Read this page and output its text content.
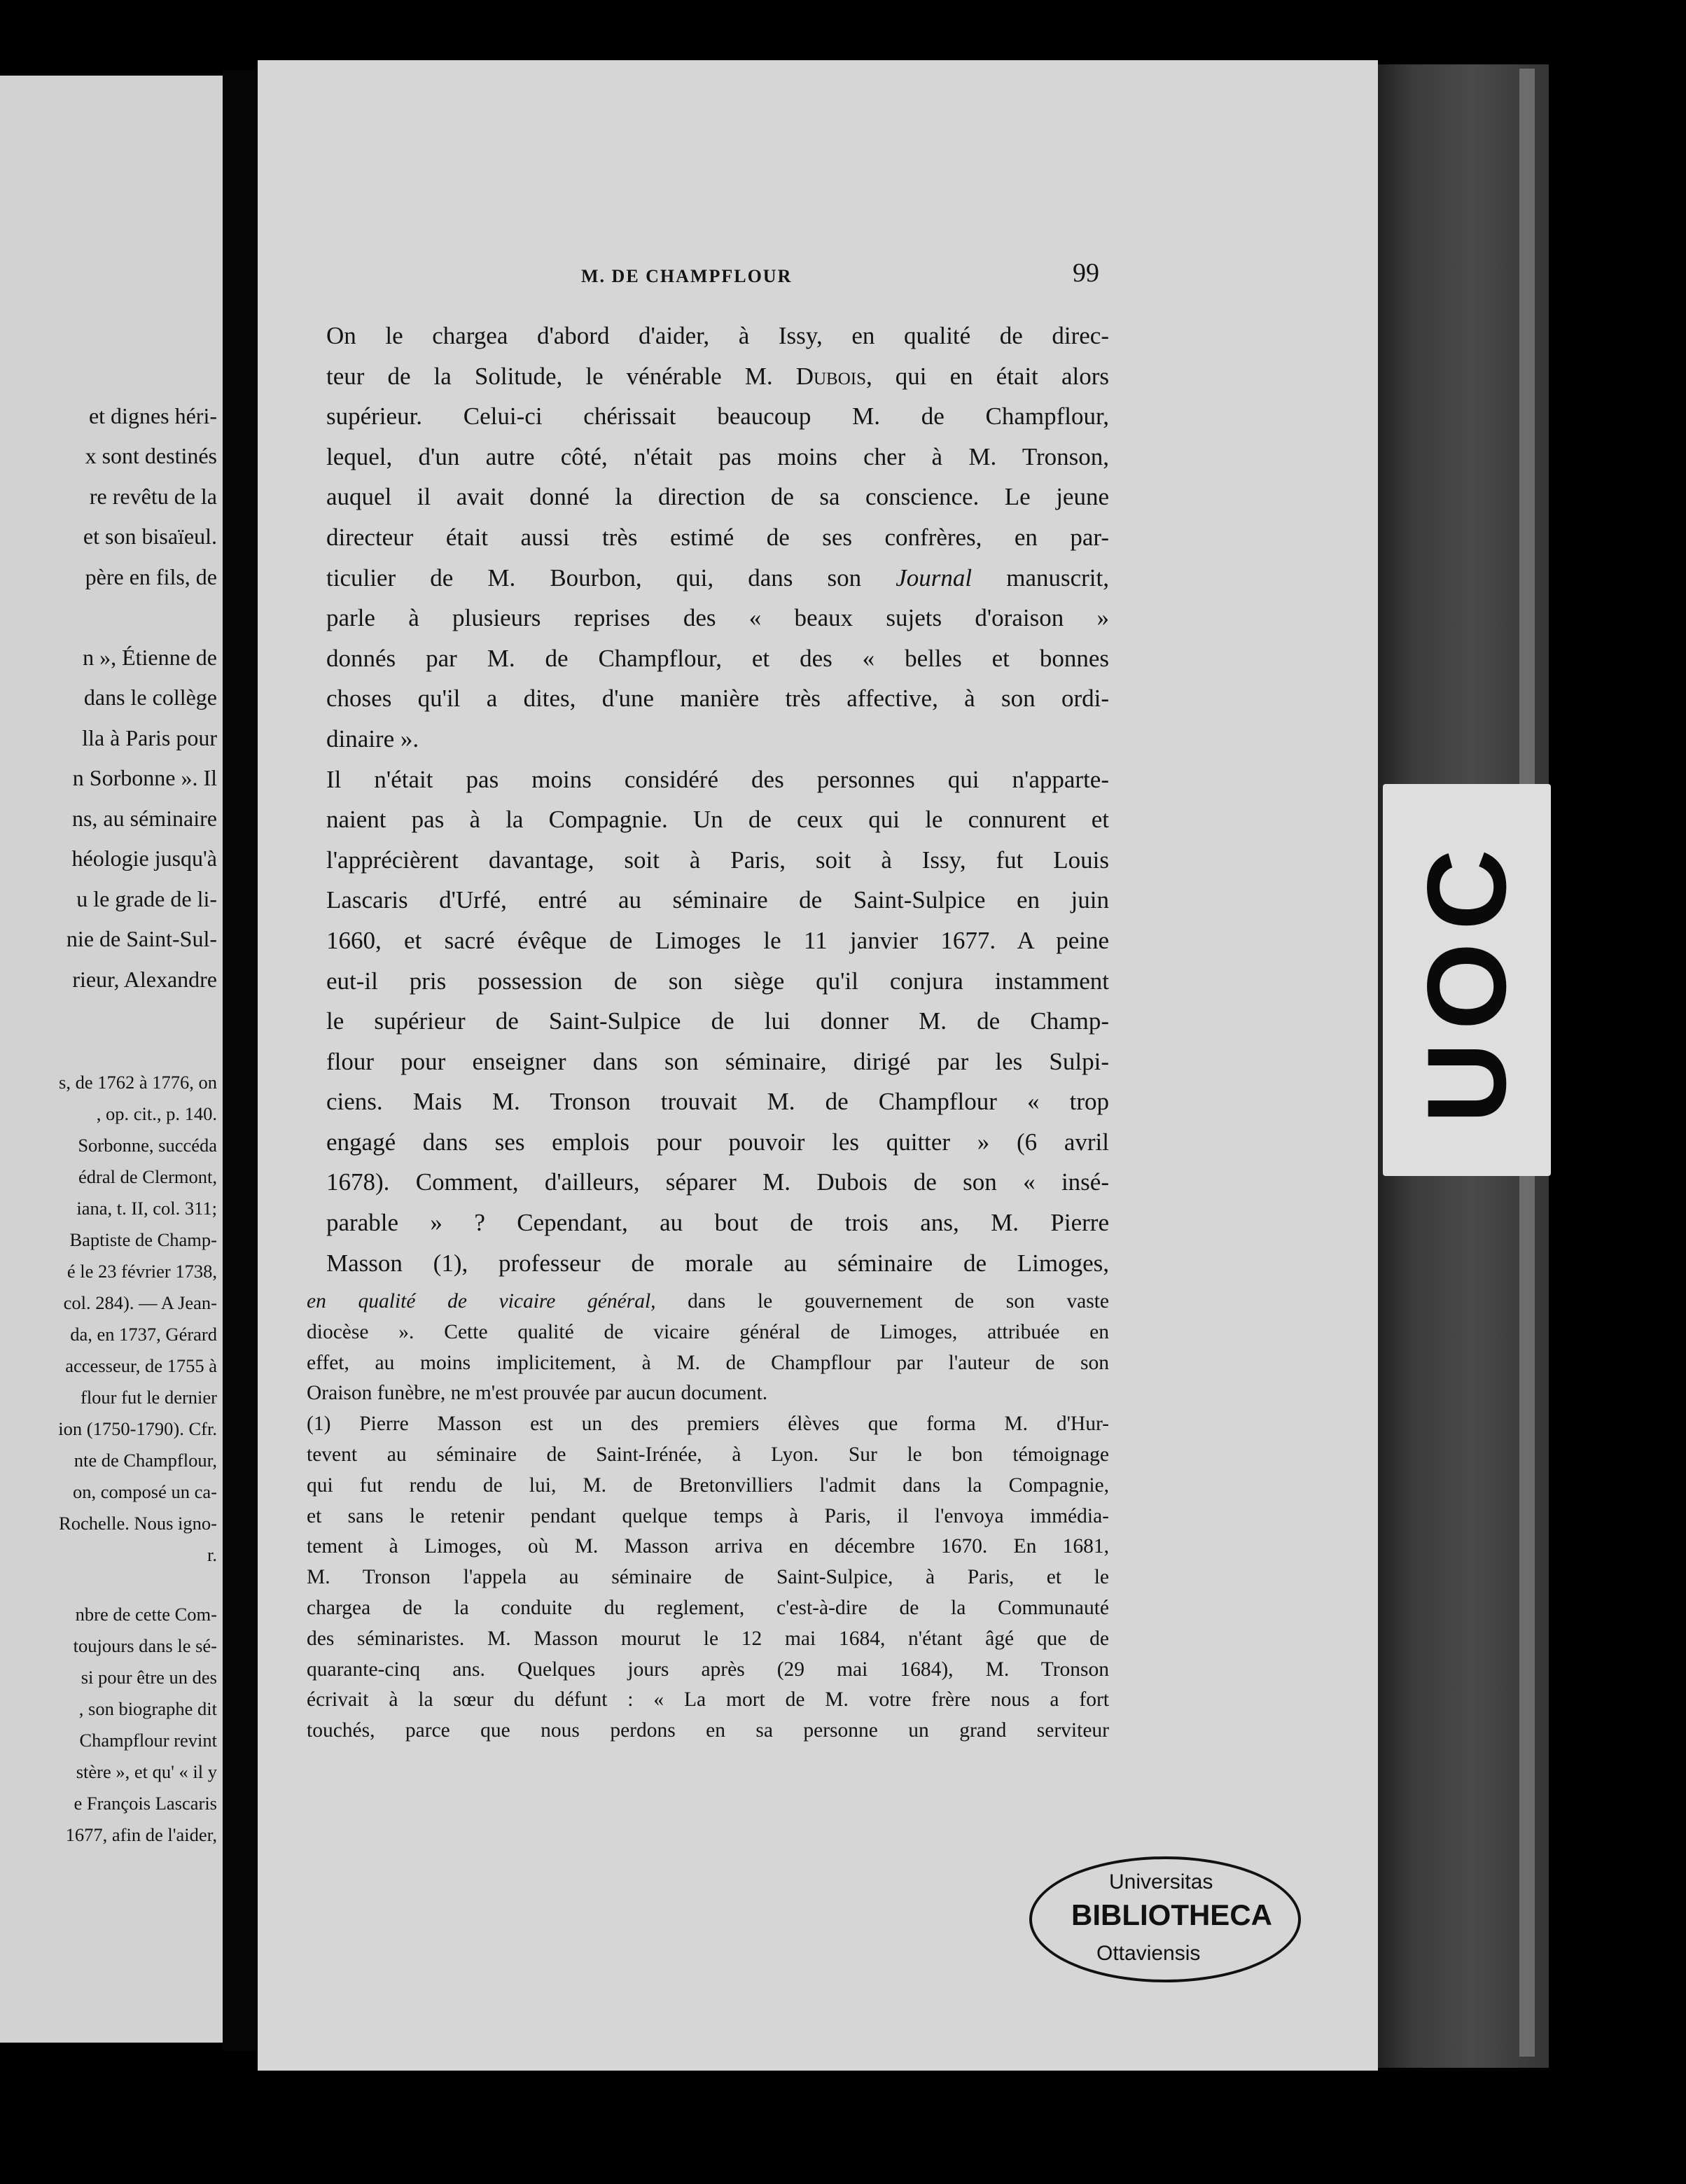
et dignes héri-
x sont destinés
re revêtu de la
et son bisaïeul.
père en fils, de
n », Étienne de
dans le collège
lla à Paris pour
n Sorbonne ». Il
ns, au séminaire
héologie jusqu'à
u le grade de li-
nie de Saint-Sul-
rieur, Alexandre
s, de 1762 à 1776, on
, op. cit., p. 140.
Sorbonne, succéda
édral de Clermont,
iana, t. II, col. 311;
Baptiste de Champ-
é le 23 février 1738,
col. 284). — A Jean-
da, en 1737, Gérard
accesseur, de 1755 à
flour fut le dernier
ion (1750-1790). Cfr.
nte de Champflour,
on, composé un ca-
Rochelle. Nous igno-
r.
nbre de cette Com-
toujours dans le sé-
si pour être un des
, son biographe dit
Champflour revint
stère », et qu' « il y
e François Lascaris
1677, afin de l'aider,
UOC
M. DE CHAMPFLOUR	99

On le chargea d'abord d'aider, à Issy, en qualité de direc-

teur de la Solitude, le vénérable M. Dubois, qui en était alors

supérieur. Celui-ci chérissait beaucoup M. de Champflour,

lequel, d'un autre côté, n'était pas moins cher à M. Tronson,

auquel il avait donné la direction de sa conscience. Le jeune

directeur était aussi très estimé de ses confrères, en par-

ticulier de M. Bourbon, qui, dans son Journal manuscrit,

parle à plusieurs reprises des « beaux sujets d'oraison »

donnés par M. de Champflour, et des « belles et bonnes

choses qu'il a dites, d'une manière très affective, à son ordi-

dinaire ».

Il n'était pas moins considéré des personnes qui n'apparte-

naient pas à la Compagnie. Un de ceux qui le connurent et

l'apprécièrent davantage, soit à Paris, soit à Issy, fut Louis

Lascaris d'Urfé, entré au séminaire de Saint-Sulpice en juin

1660, et sacré évêque de Limoges le 11 janvier 1677. A peine

eut-il pris possession de son siège qu'il conjura instamment

le supérieur de Saint-Sulpice de lui donner M. de Champ-

flour pour enseigner dans son séminaire, dirigé par les Sulpi-

ciens. Mais M. Tronson trouvait M. de Champflour « trop

engagé dans ses emplois pour pouvoir les quitter » (6 avril

1678). Comment, d'ailleurs, séparer M. Dubois de son « insé-

parable » ? Cependant, au bout de trois ans, M. Pierre

Masson (1), professeur de morale au séminaire de Limoges,

en qualité de vicaire général, dans le gouvernement de son vaste

diocèse ». Cette qualité de vicaire général de Limoges, attribuée en

effet, au moins implicitement, à M. de Champflour par l'auteur de son

Oraison funèbre, ne m'est prouvée par aucun document.

(1) Pierre Masson est un des premiers élèves que forma M. d'Hur-

tevent au séminaire de Saint-Irénée, à Lyon. Sur le bon témoignage

qui fut rendu de lui, M. de Bretonvilliers l'admit dans la Compagnie,

et sans le retenir pendant quelque temps à Paris, il l'envoya immédia-

tement à Limoges, où M. Masson arriva en décembre 1670. En 1681,

M. Tronson l'appela au séminaire de Saint-Sulpice, à Paris, et le

chargea de la conduite du reglement, c'est-à-dire de la Communauté

des séminaristes. M. Masson mourut le 12 mai 1684, n'étant âgé que de

quarante-cinq ans. Quelques jours après (29 mai 1684), M. Tronson

écrivait à la sœur du défunt : « La mort de M. votre frère nous a fort

touchés, parce que nous perdons en sa personne un grand serviteur

Universitas
BIBLIOTHECA
Ottaviensis
